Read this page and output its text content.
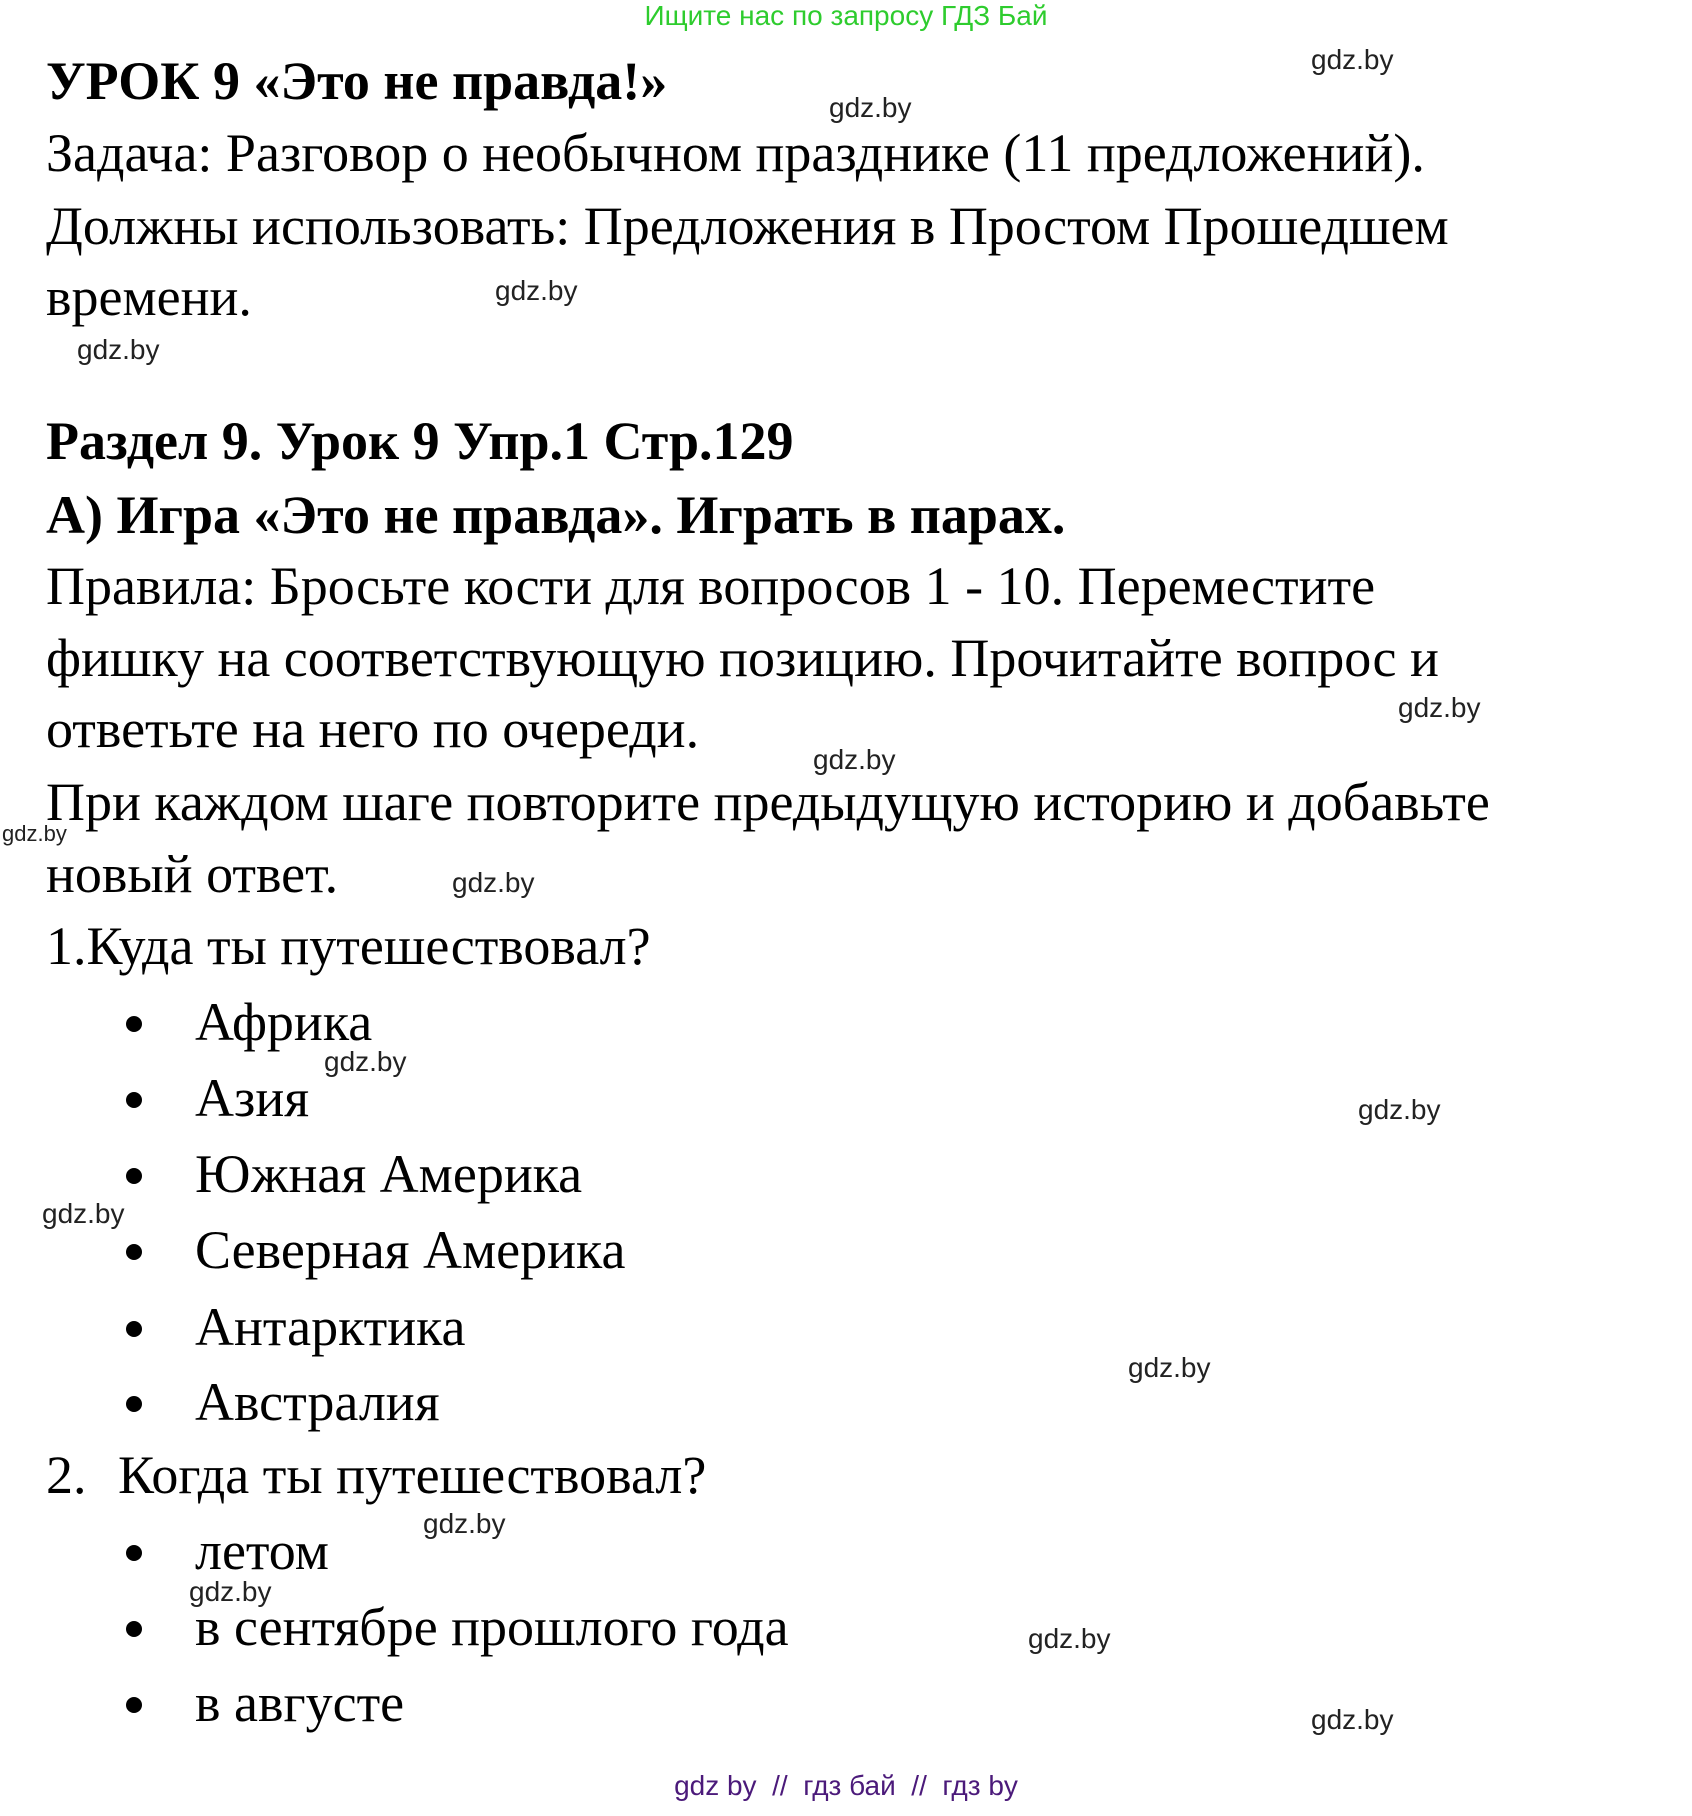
Ищите нас по запросу ГДЗ Бай
УРОК 9 «Это не правда!»
Задача: Разговор о необычном празднике (11 предложений).
Должны использовать: Предложения в Простом Прошедшем
времени.
Раздел 9. Урок 9 Упр.1 Стр.129
А) Игра «Это не правда». Играть в парах.
Правила: Бросьте кости для вопросов 1 - 10. Переместите
фишку на соответствующую позицию. Прочитайте вопрос и
ответьте на него по очереди.
При каждом шаге повторите предыдущую историю и добавьте
новый ответ.
1.Куда ты путешествовал?
Африка
Азия
Южная Америка
Северная Америка
Антарктика
Австралия
2. Когда ты путешествовал?
летом
в сентябре прошлого года
в августе
gdz.by
gdz.by
gdz.by
gdz.by
gdz.by
gdz.by
gdz.by
gdz.by
gdz.by
gdz.by
gdz.by
gdz.by
gdz.by
gdz.by
gdz.by
gdz.by
gdz by  //  гдз бай  //  гдз by
